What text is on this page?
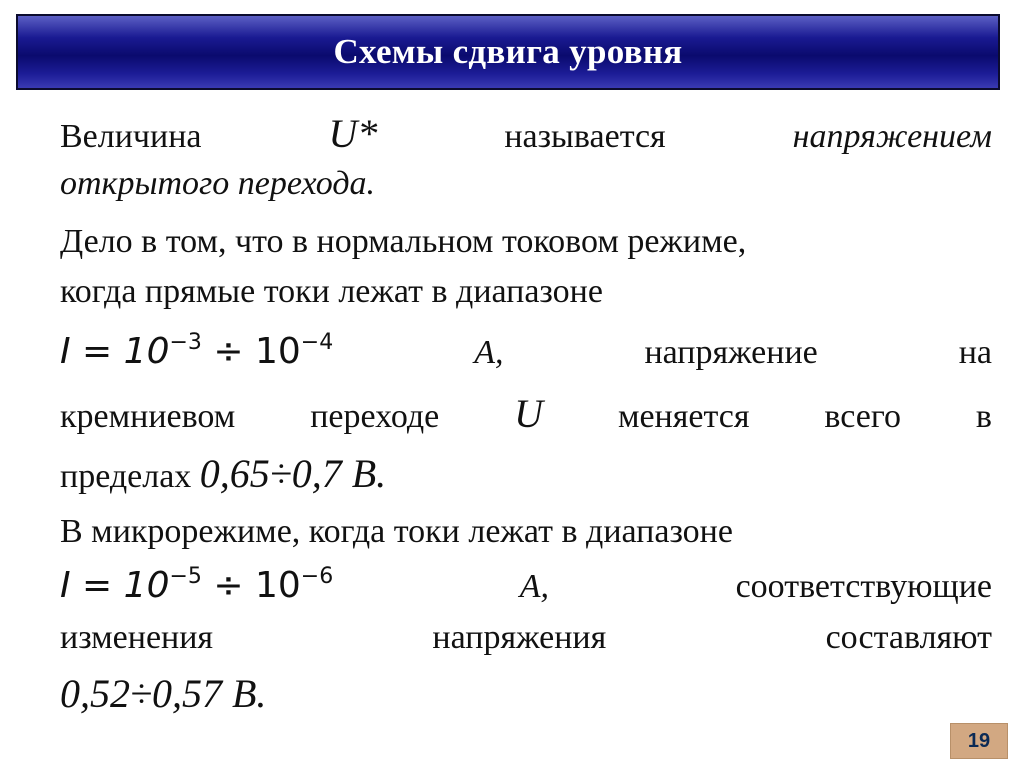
Схемы сдвига уровня
Величина	U*	называется	напряжением
открытого перехода.
Дело в том, что в нормальном токовом режиме,
когда прямые токи лежат в диапазоне
$I = 10^{-3} \div 10^{-4}$	A,	напряжение	на
кремниевом переходе U меняется всего в
пределах 0,65÷0,7 В.
В микрорежиме, когда токи лежат в диапазоне
$I = 10^{-5} \div 10^{-6}$	A,	соответствующие
изменения	напряжения	составляют
0,52÷0,57 В.
19
